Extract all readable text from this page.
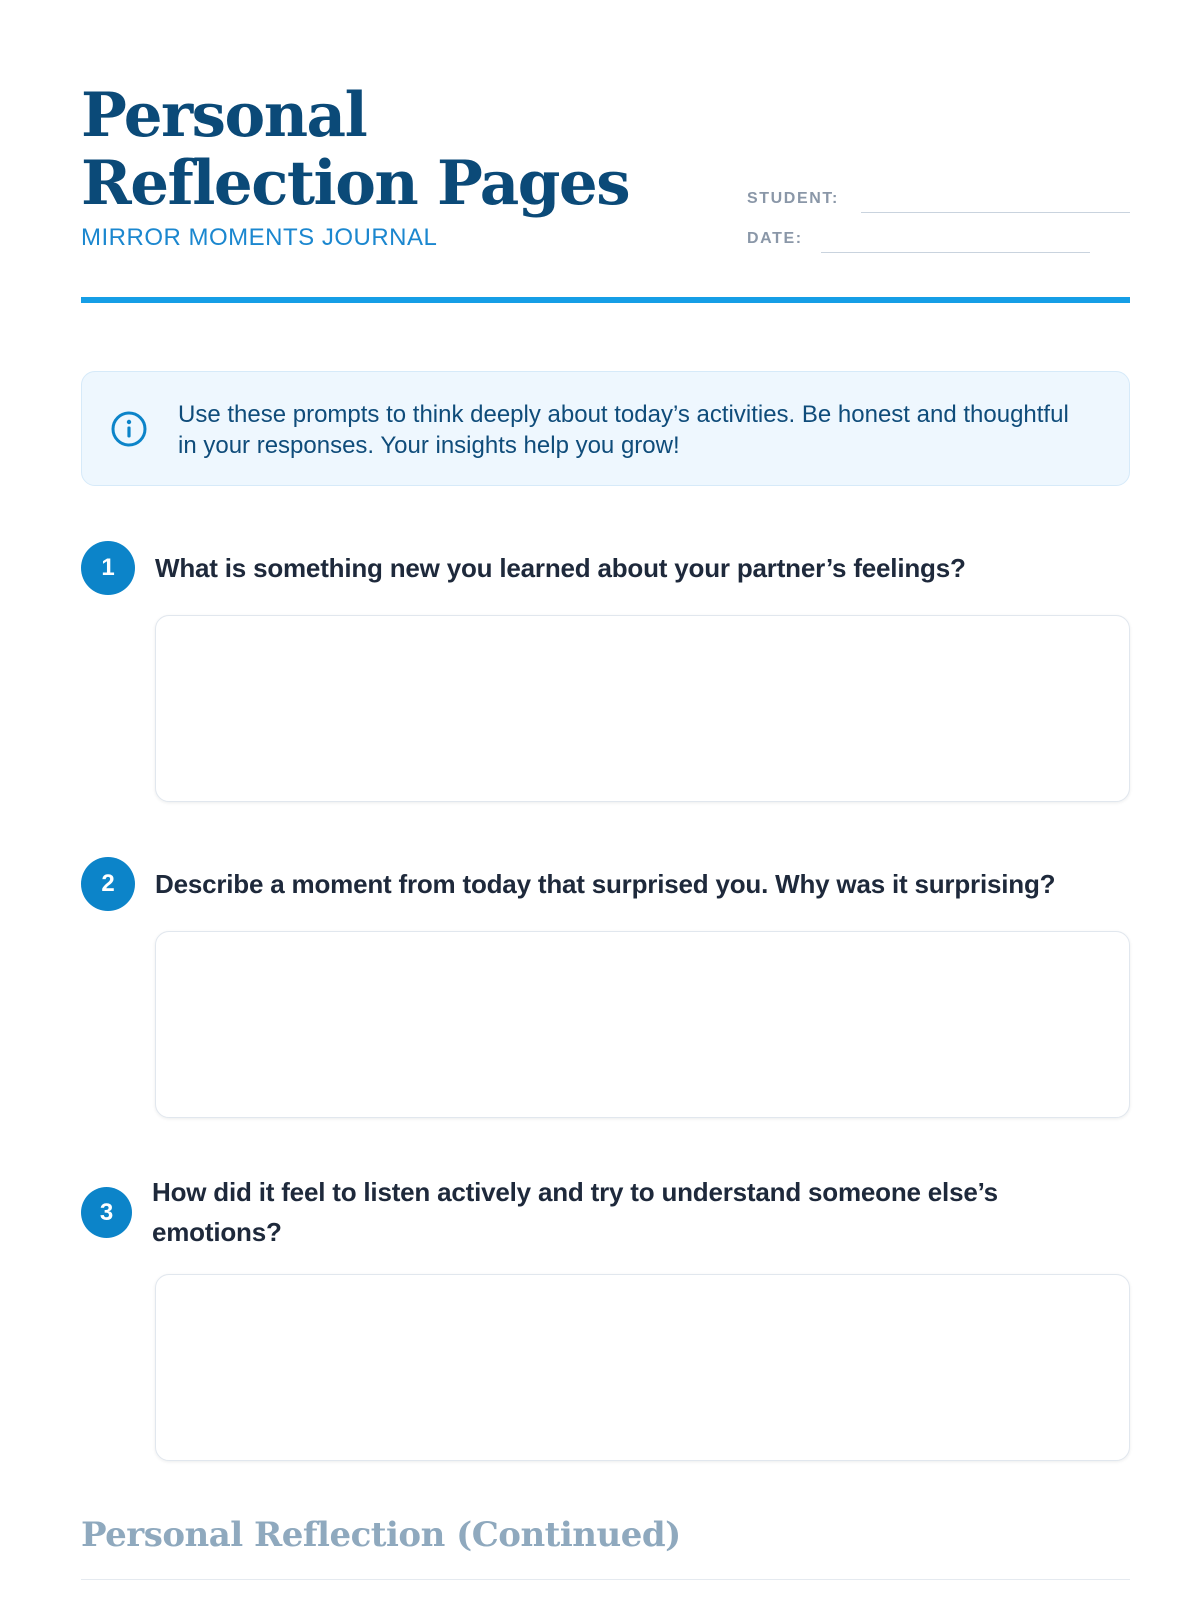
Personal Reflection Pages
MIRROR MOMENTS JOURNAL
STUDENT:
DATE:

Use these prompts to think deeply about today’s activities. Be honest and thoughtful in your responses. Your insights help you grow!

1	What is something new you learned about your partner’s feelings?
2	Describe a moment from today that surprised you. Why was it surprising?
3
How did it feel to listen actively and try to understand someone else’s emotions?
Personal Reflection (Continued)
